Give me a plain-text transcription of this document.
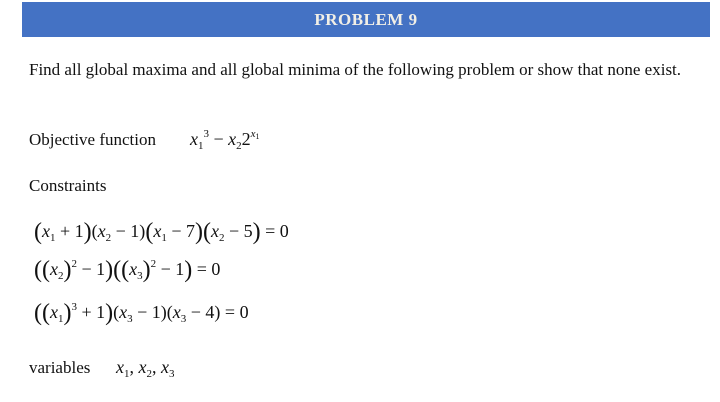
PROBLEM 9
Find all global maxima and all global minima of the following problem or show that none exist.
Objective function $x_1^3 - x_22^{x_1}$
Constraints
$(x_1 + 1)(x_2 - 1)(x_1 - 7)(x_2 - 5) = 0$
$((x_2)^2 - 1)((x_3)^2 - 1) = 0$
$((x_1)^3 + 1)(x_3 - 1)(x_3 - 4) = 0$
variables $x_1$, $x_2$, $x_3$
